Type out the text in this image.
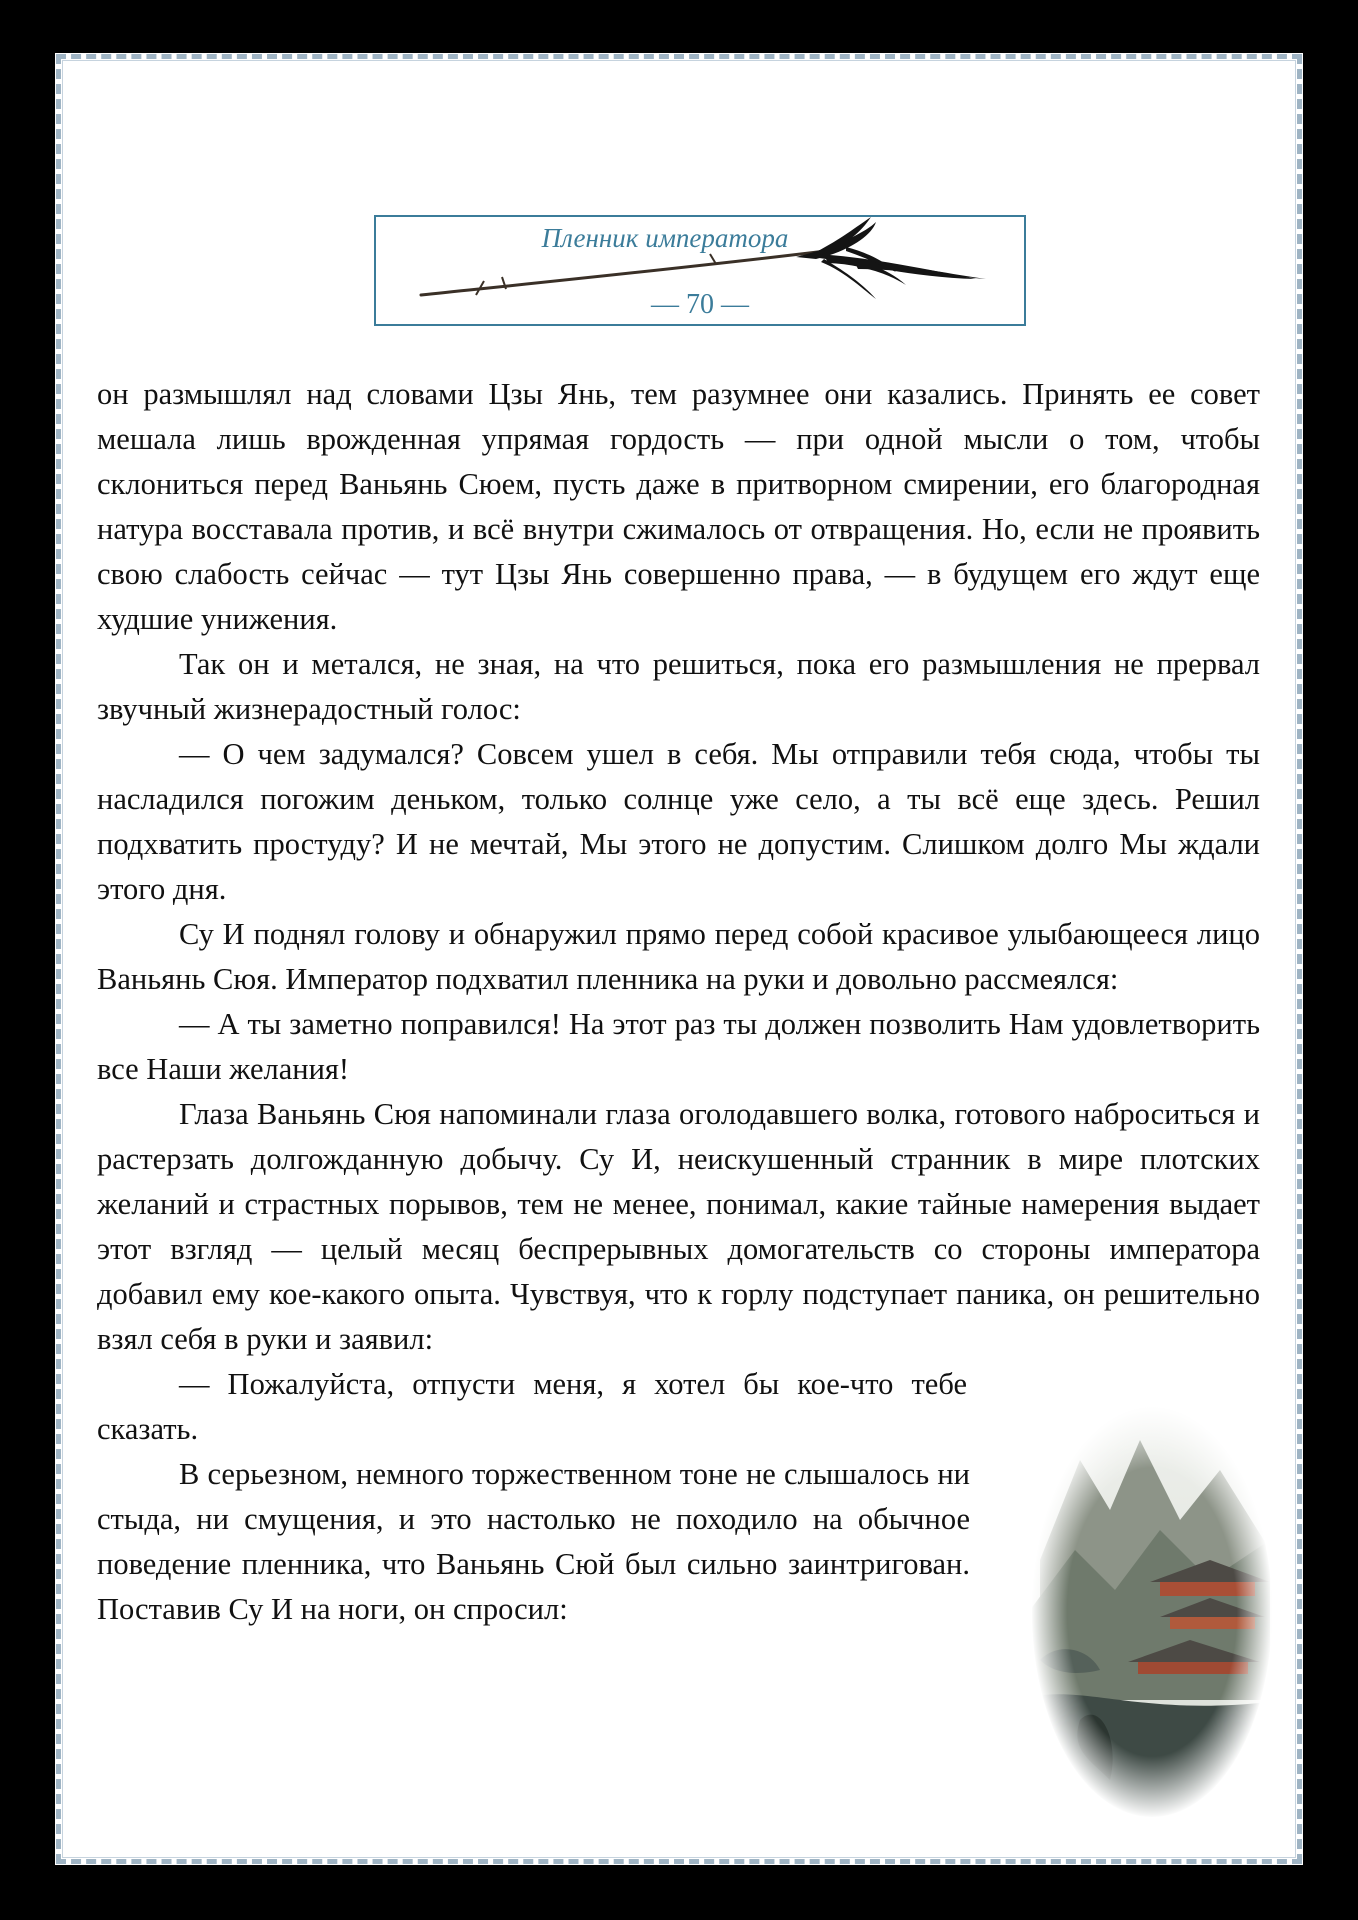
Пленник императора
— 70 —

он размышлял над словами Цзы Янь, тем разумнее они казались. Принять ее совет мешала лишь врожденная упрямая гордость — при одной мысли о том, чтобы склониться перед Ваньянь Сюем, пусть даже в притворном смирении, его благородная натура восставала против, и всё внутри сжималось от отвращения. Но, если не проявить свою слабость сейчас — тут Цзы Янь совершенно права, — в будущем его ждут еще худшие унижения.

Так он и метался, не зная, на что решиться, пока его размышления не прервал звучный жизнерадостный голос:

— О чем задумался? Совсем ушел в себя. Мы отправили тебя сюда, чтобы ты насладился погожим деньком, только солнце уже село, а ты всё еще здесь. Решил подхватить простуду? И не мечтай, Мы этого не допустим. Слишком долго Мы ждали этого дня.

Су И поднял голову и обнаружил прямо перед собой красивое улыбающееся лицо Ваньянь Сюя. Император подхватил пленника на руки и довольно рассмеялся:

— А ты заметно поправился! На этот раз ты должен позволить Нам удовлетворить все Наши желания!

Глаза Ваньянь Сюя напоминали глаза оголодавшего волка, готового наброситься и растерзать долгожданную добычу. Су И, неискушенный странник в мире плотских желаний и страстных порывов, тем не менее, понимал, какие тайные намерения выдает этот взгляд — целый месяц беспрерывных домогательств со стороны императора добавил ему кое-какого опыта. Чувствуя, что к горлу подступает паника, он решительно взял себя в руки и заявил:

— Пожалуйста, отпусти меня, я хотел бы кое-что тебе сказать.

В серьезном, немного торжественном тоне не слышалось ни стыда, ни смущения, и это настолько не походило на обычное поведение пленника, что Ваньянь Сюй был сильно заинтригован. Поставив Су И на ноги, он спросил:
